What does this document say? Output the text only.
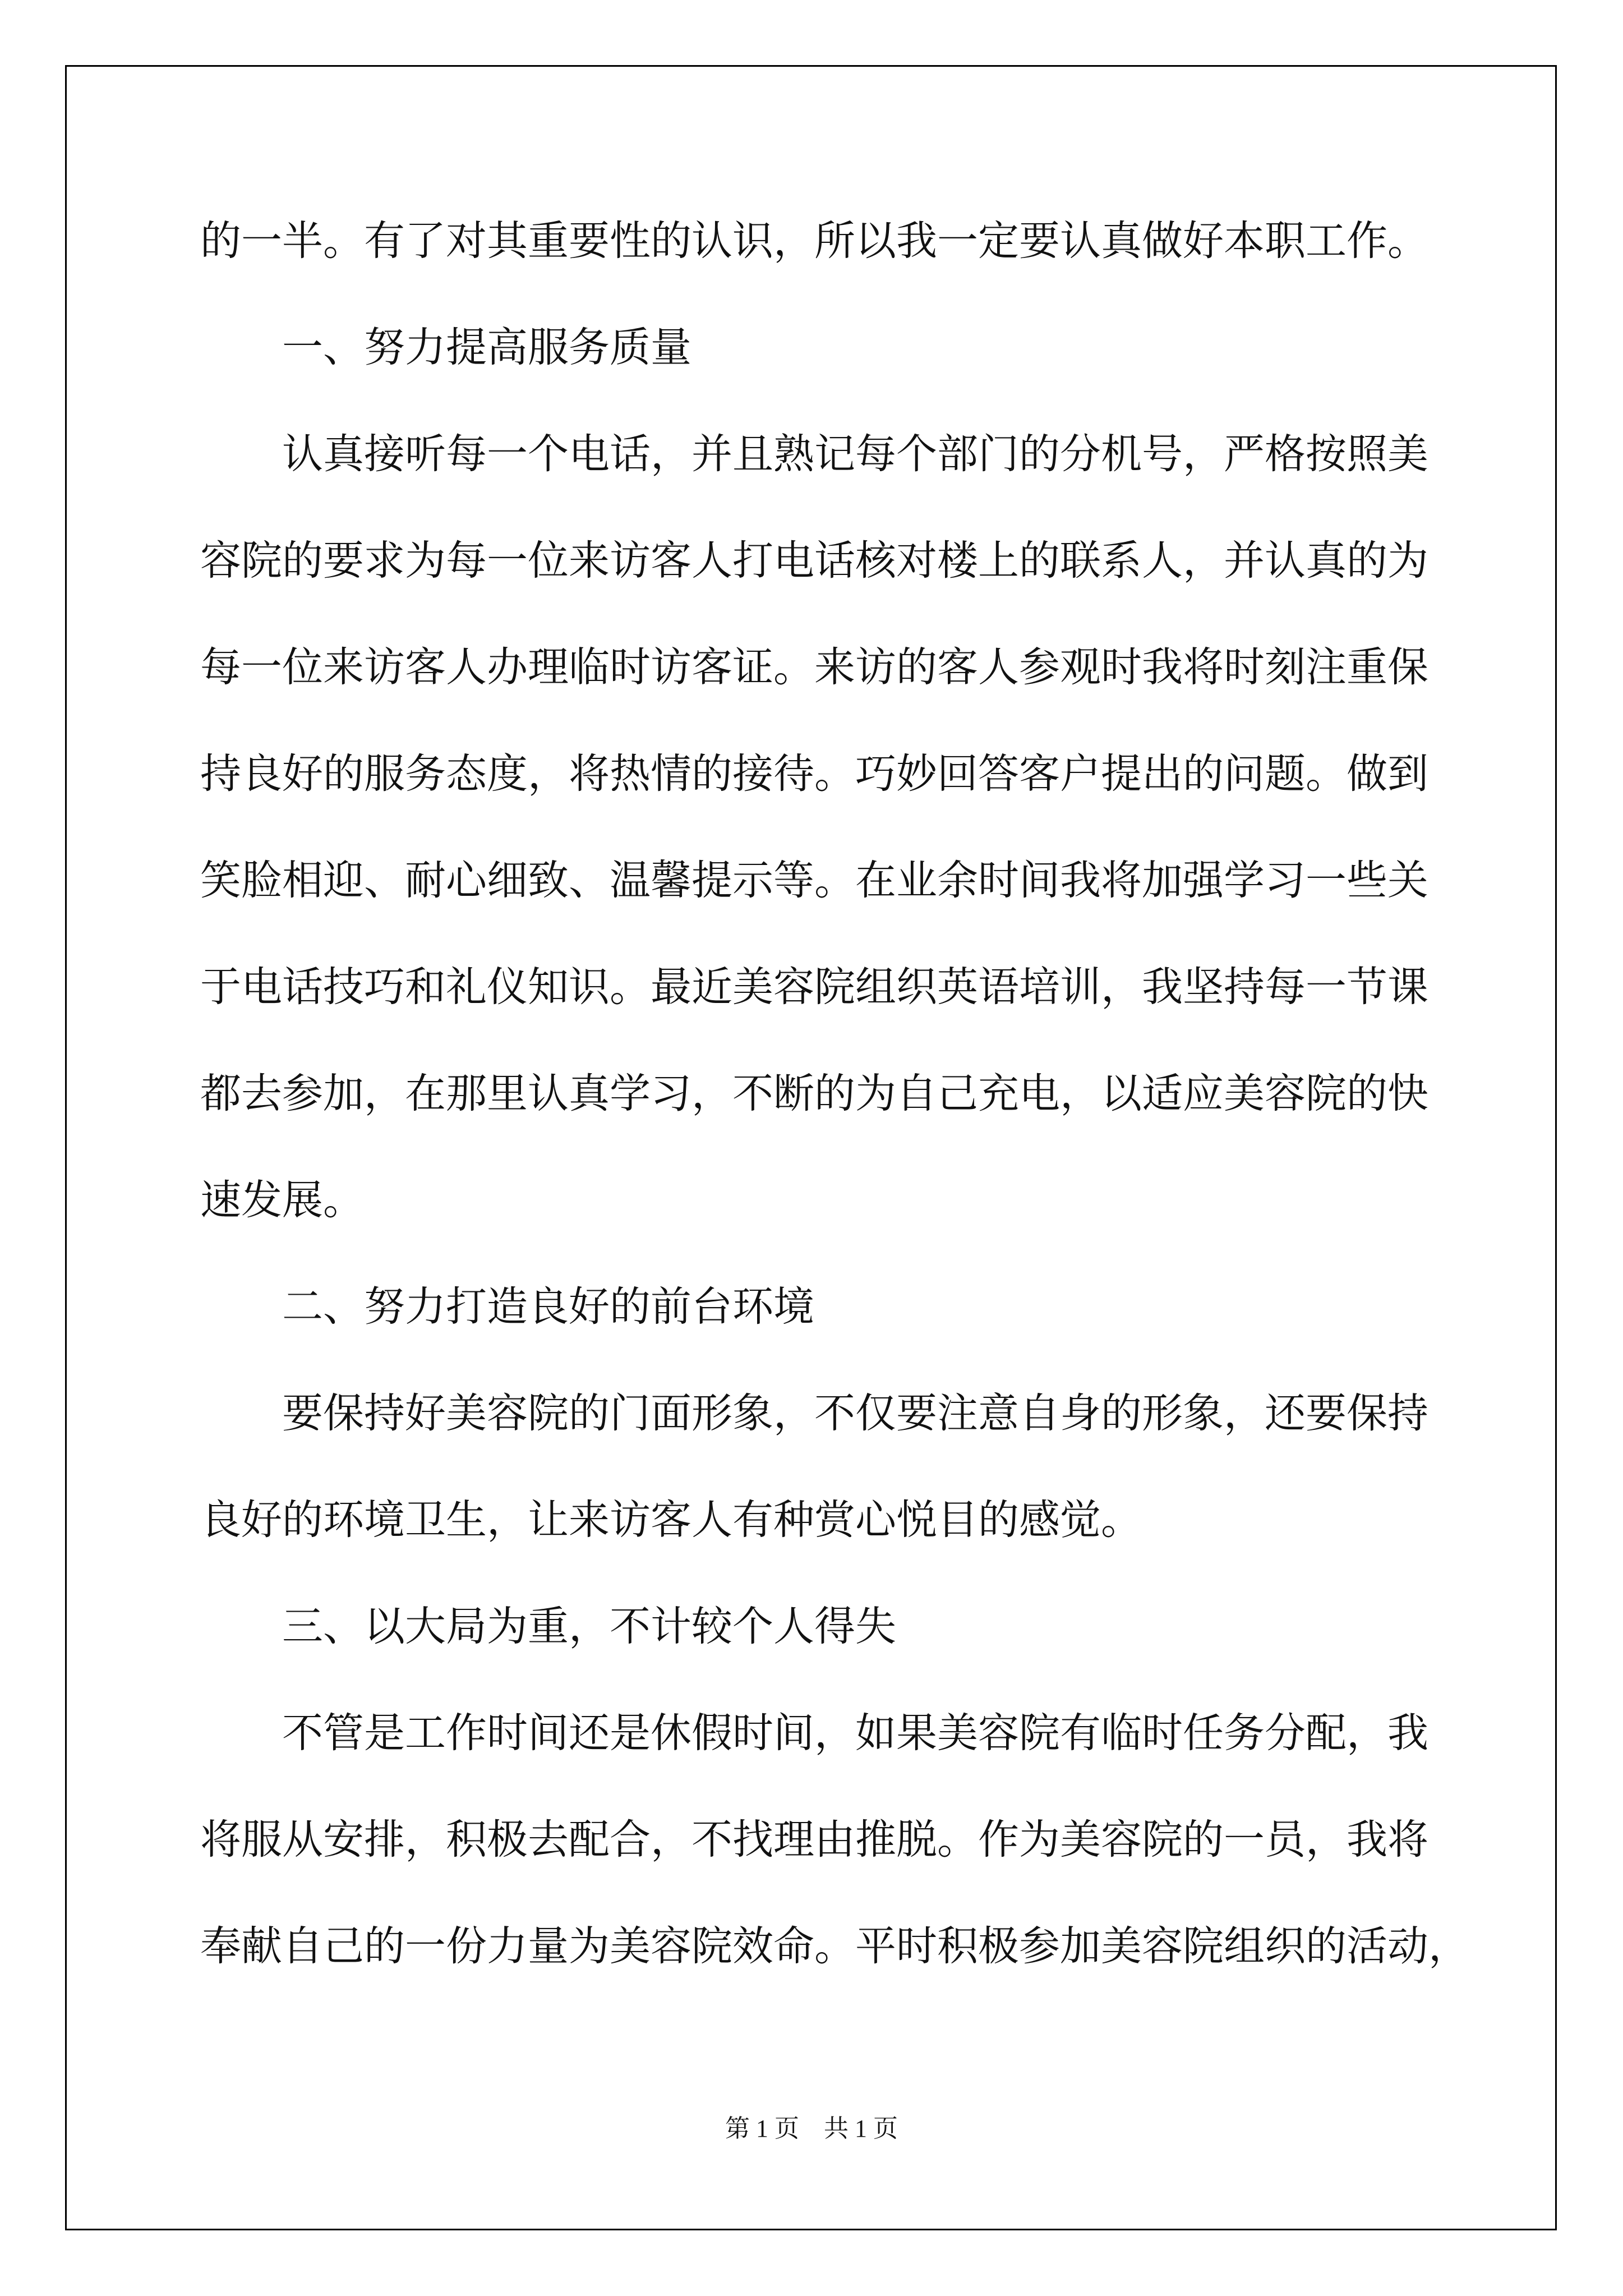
的一半。有了对其重要性的认识，所以我一定要认真做好本职工作。
一、努力提高服务质量
认真接听每一个电话，并且熟记每个部门的分机号，严格按照美
容院的要求为每一位来访客人打电话核对楼上的联系人，并认真的为
每一位来访客人办理临时访客证。来访的客人参观时我将时刻注重保
持良好的服务态度，将热情的接待。巧妙回答客户提出的问题。做到
笑脸相迎、耐心细致、温馨提示等。在业余时间我将加强学习一些关
于电话技巧和礼仪知识。最近美容院组织英语培训，我坚持每一节课
都去参加，在那里认真学习，不断的为自己充电，以适应美容院的快
速发展。
二、努力打造良好的前台环境
要保持好美容院的门面形象，不仅要注意自身的形象，还要保持
良好的环境卫生，让来访客人有种赏心悦目的感觉。
三、以大局为重，不计较个人得失
不管是工作时间还是休假时间，如果美容院有临时任务分配，我
将服从安排，积极去配合，不找理由推脱。作为美容院的一员，我将
奉献自己的一份力量为美容院效命。平时积极参加美容院组织的活动，
第 1 页　共 1 页
